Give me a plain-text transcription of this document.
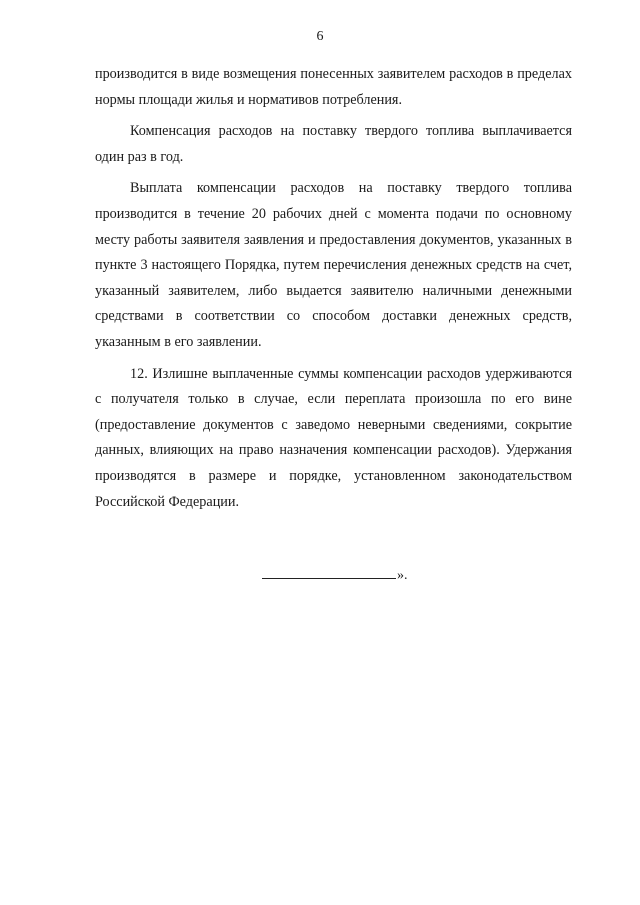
6

производится в виде возмещения понесенных заявителем расходов в пределах нормы площади жилья и нормативов потребления.

Компенсация расходов на поставку твердого топлива выплачивается один раз в год.

Выплата компенсации расходов на поставку твердого топлива производится в течение 20 рабочих дней с момента подачи по основному месту работы заявителя заявления и предоставления документов, указанных в пункте 3 настоящего Порядка, путем перечисления денежных средств на счет, указанный заявителем, либо выдается заявителю наличными денежными средствами в соответствии со способом доставки денежных средств, указанным в его заявлении.

12. Излишне выплаченные суммы компенсации расходов удерживаются с получателя только в случае, если переплата произошла по его вине (предоставление документов с заведомо неверными сведениями, сокрытие данных, влияющих на право назначения компенсации расходов). Удержания производятся в размере и порядке, установленном законодательством Российской Федерации.

».
